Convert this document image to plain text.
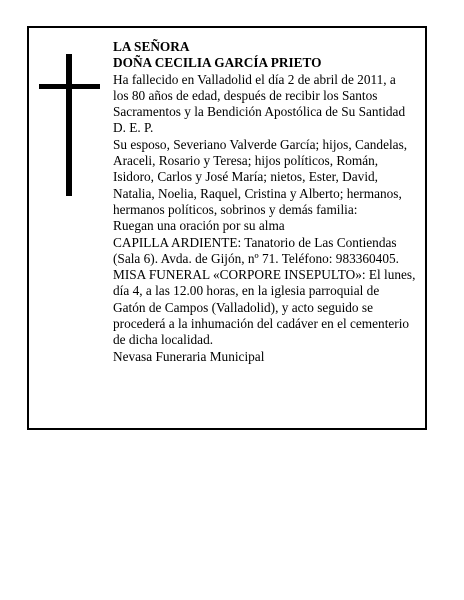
LA SEÑORA
DOÑA CECILIA GARCÍA PRIETO
Ha fallecido en Valladolid el día 2 de abril de 2011, a
los 80 años de edad, después de recibir los Santos
Sacramentos y la Bendición Apostólica de Su Santidad
D. E. P.
Su esposo, Severiano Valverde García; hijos, Candelas,
Araceli, Rosario y Teresa; hijos políticos, Román,
Isidoro, Carlos y José María; nietos, Ester, David,
Natalia, Noelia, Raquel, Cristina y Alberto; hermanos,
hermanos políticos, sobrinos y demás familia:
Ruegan una oración por su alma
CAPILLA ARDIENTE: Tanatorio de Las Contiendas
(Sala 6). Avda. de Gijón, nº 71. Teléfono: 983360405.
MISA FUNERAL «CORPORE INSEPULTO»: El lunes,
día 4, a las 12.00 horas, en la iglesia parroquial de
Gatón de Campos (Valladolid), y acto seguido se
procederá a la inhumación del cadáver en el cementerio
de dicha localidad.
Nevasa Funeraria Municipal
